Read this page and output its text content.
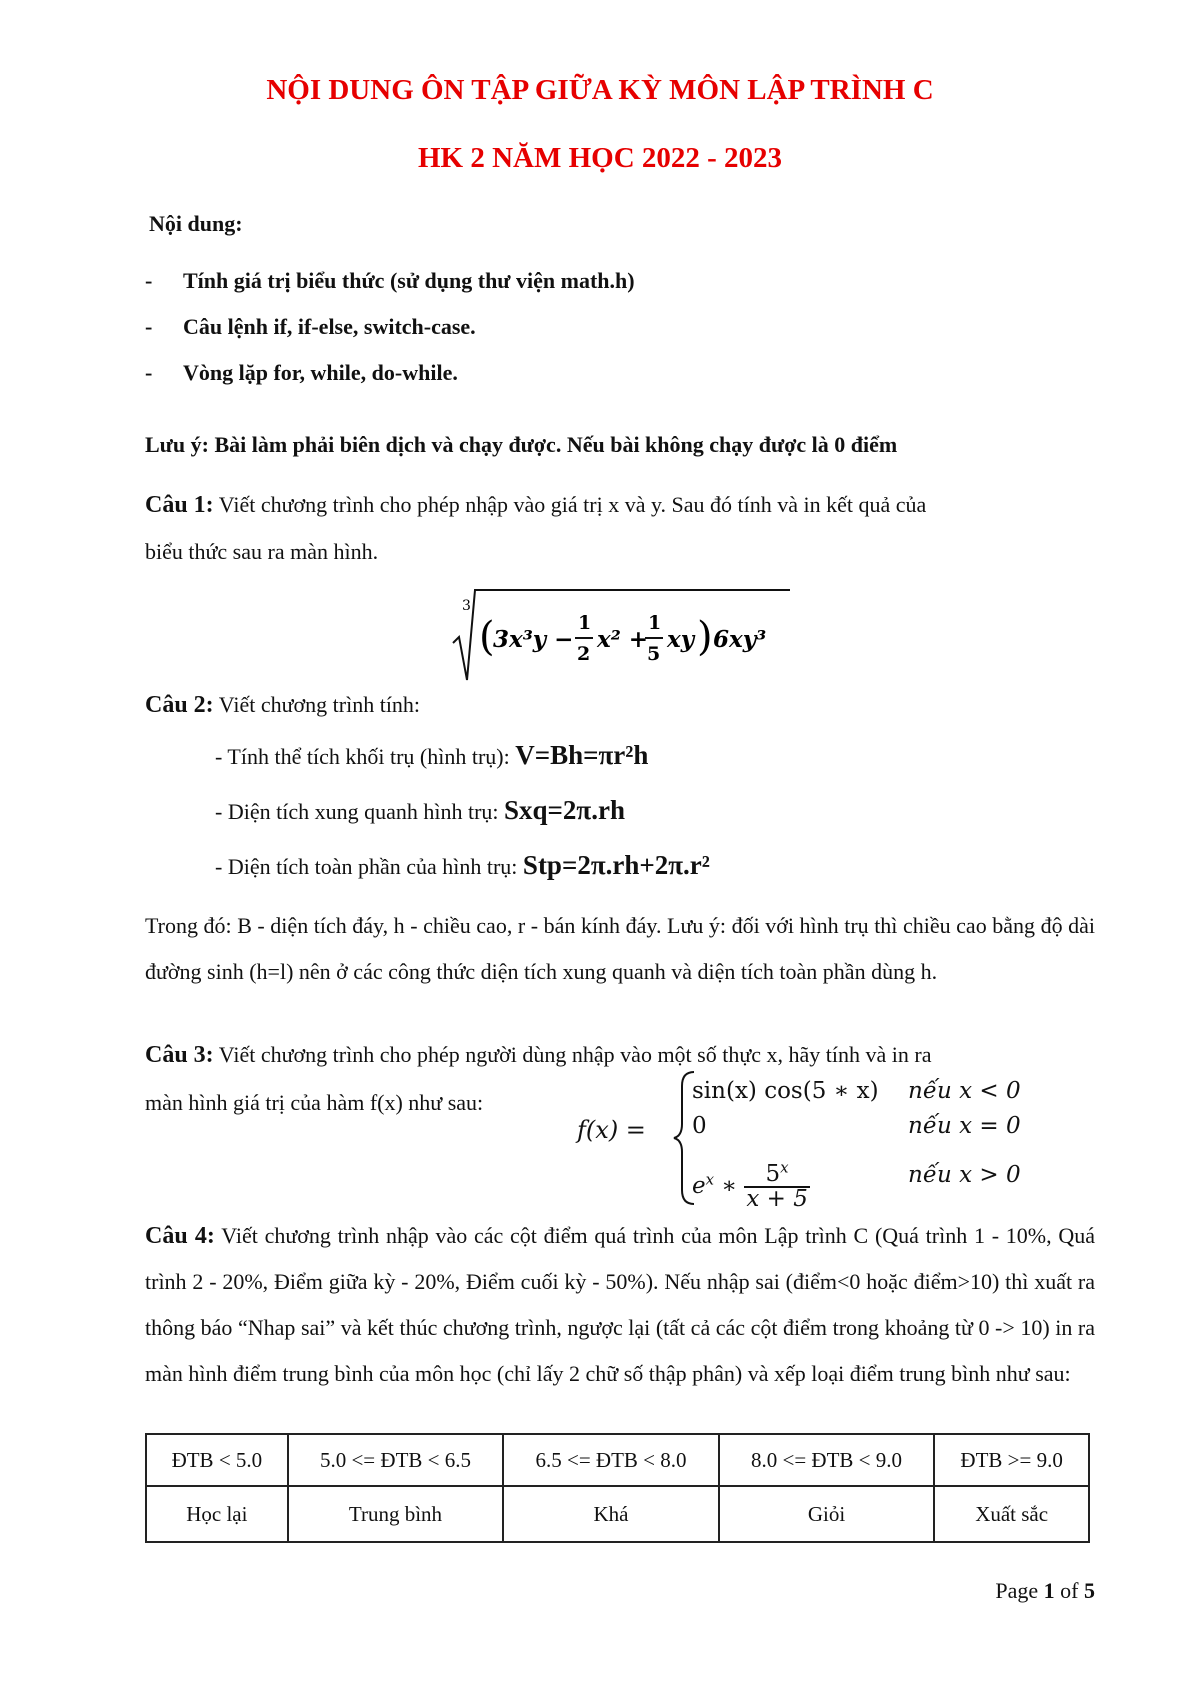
NỘI DUNG ÔN TẬP GIỮA KỲ MÔN LẬP TRÌNH C
HK 2 NĂM HỌC 2022 - 2023
Nội dung:
- Tính giá trị biểu thức (sử dụng thư viện math.h)
- Câu lệnh if, if-else, switch-case.
- Vòng lặp for, while, do-while.
Lưu ý: Bài làm phải biên dịch và chạy được. Nếu bài không chạy được là 0 điểm
Câu 1: Viết chương trình cho phép nhập vào giá trị x và y. Sau đó tính và in kết quả của
biểu thức sau ra màn hình.
3
(
3x³y −
1
2
x² +
1
5
xy ) 6xy³
Câu 2: Viết chương trình tính:
- Tính thể tích khối trụ (hình trụ): V=Bh=πr²h
- Diện tích xung quanh hình trụ: Sxq=2π.rh
- Diện tích toàn phần của hình trụ: Stp=2π.rh+2π.r²
Trong đó: B - diện tích đáy, h - chiều cao, r - bán kính đáy. Lưu ý: đối với hình trụ thì chiều cao bằng độ dài đường sinh (h=l) nên ở các công thức diện tích xung quanh và diện tích toàn phần dùng h.
Câu 3: Viết chương trình cho phép người dùng nhập vào một số thực x, hãy tính và in ra
màn hình giá trị của hàm f(x) như sau:
f(x) =
sin(x) cos(5 ∗ x) nếu x < 0
0	nếu x = 0
$e^x$ ∗ $\frac{5^x}{x + 5}$	nếu x > 0
Câu 4: Viết chương trình nhập vào các cột điểm quá trình của môn Lập trình C (Quá trình 1 - 10%, Quá trình 2 - 20%, Điểm giữa kỳ - 20%, Điểm cuối kỳ - 50%). Nếu nhập sai (điểm<0 hoặc điểm>10) thì xuất ra thông báo “Nhap sai” và kết thúc chương trình, ngược lại (tất cả các cột điểm trong khoảng từ 0 -> 10) in ra màn hình điểm trung bình của môn học (chỉ lấy 2 chữ số thập phân) và xếp loại điểm trung bình như sau:
ĐTB < 5.0	5.0 <= ĐTB < 6.5	6.5 <= ĐTB < 8.0	8.0 <= ĐTB < 9.0	ĐTB >= 9.0
Học lại	Trung bình	Khá	Giỏi	Xuất sắc
Page 1 of 5
